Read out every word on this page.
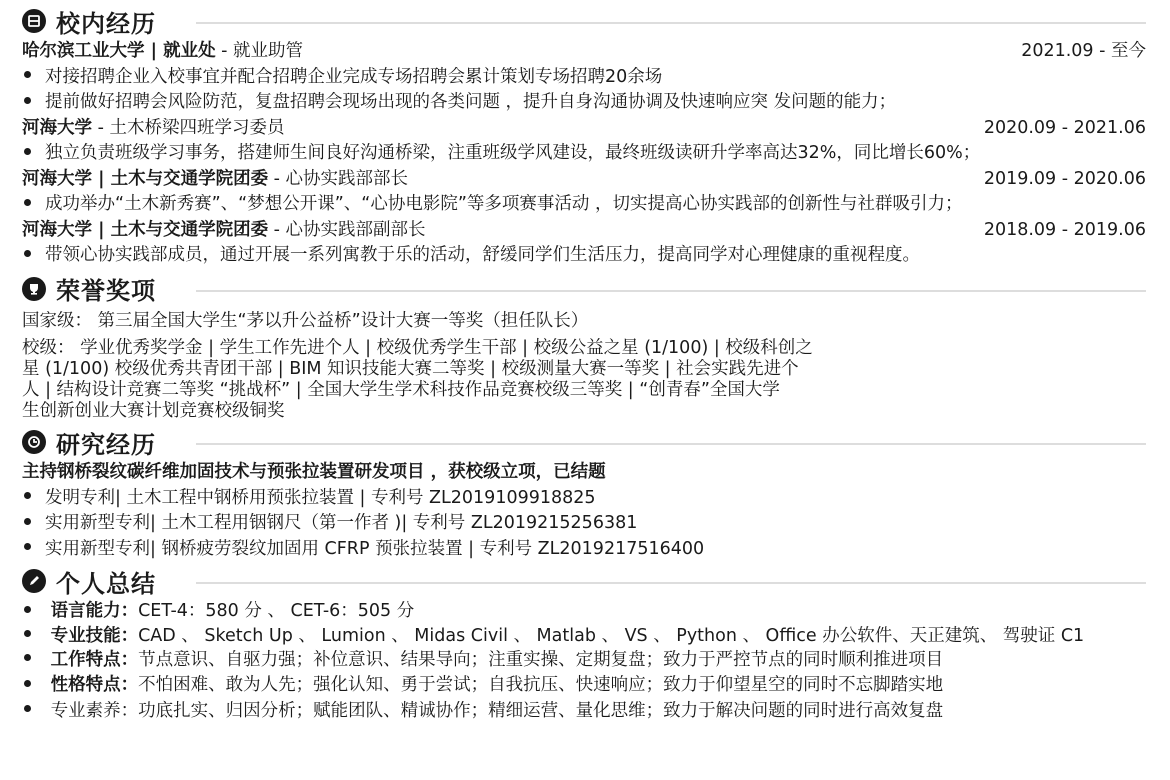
校内经历
哈尔滨工业大学 | 就业处 - 就业助管	2021.09 - 至今
对接招聘企业入校事宜并配合招聘企业完成专场招聘会累计策划专场招聘20余场
提前做好招聘会风险防范，复盘招聘会现场出现的各类问题 ，提升自身沟通协调及快速响应突 发问题的能力；
河海大学 - 土木桥梁四班学习委员	2020.09 - 2021.06
独立负责班级学习事务，搭建师生间良好沟通桥梁，注重班级学风建设，最终班级读研升学率高达32%，同比增长60%；
河海大学 | 土木与交通学院团委 - 心协实践部部长	2019.09 - 2020.06
成功举办“土木新秀赛”、“梦想公开课”、“心协电影院”等多项赛事活动 ，切实提高心协实践部的创新性与社群吸引力；
河海大学 | 土木与交通学院团委 - 心协实践部副部长	2018.09 - 2019.06
带领心协实践部成员，通过开展一系列寓教于乐的活动，舒缓同学们生活压力，提高同学对心理健康的重视程度。
荣誉奖项
国家级： 第三届全国大学生“茅以升公益桥”设计大赛一等奖（担任队长）
校级： 学业优秀奖学金 | 学生工作先进个人 | 校级优秀学生干部 | 校级公益之星 (1/100) | 校级科创之
星 (1/100) 校级优秀共青团干部 | BIM 知识技能大赛二等奖 | 校级测量大赛一等奖 | 社会实践先进个
人 | 结构设计竞赛二等奖 “挑战杯” | 全国大学生学术科技作品竞赛校级三等奖 | “创青春”全国大学
生创新创业大赛计划竞赛校级铜奖
研究经历
主持钢桥裂纹碳纤维加固技术与预张拉装置研发项目 ，获校级立项，已结题
发明专利| 土木工程中钢桥用预张拉装置 | 专利号 ZL2019109918825
实用新型专利| 土木工程用铟钢尺（第一作者 )| 专利号 ZL2019215256381
实用新型专利| 钢桥疲劳裂纹加固用 CFRP 预张拉装置 | 专利号 ZL2019217516400
个人总结
语言能力：CET-4：580 分 、 CET-6：505 分
专业技能：CAD 、 Sketch Up 、 Lumion 、 Midas Civil 、 Matlab 、 VS 、 Python 、 Office 办公软件、天正建筑、 驾驶证 C1
工作特点：节点意识、自驱力强；补位意识、结果导向；注重实操、定期复盘；致力于严控节点的同时顺利推进项目
性格特点：不怕困难、敢为人先；强化认知、勇于尝试；自我抗压、快速响应；致力于仰望星空的同时不忘脚踏实地
专业素养：功底扎实、归因分析；赋能团队、精诚协作；精细运营、量化思维；致力于解决问题的同时进行高效复盘
